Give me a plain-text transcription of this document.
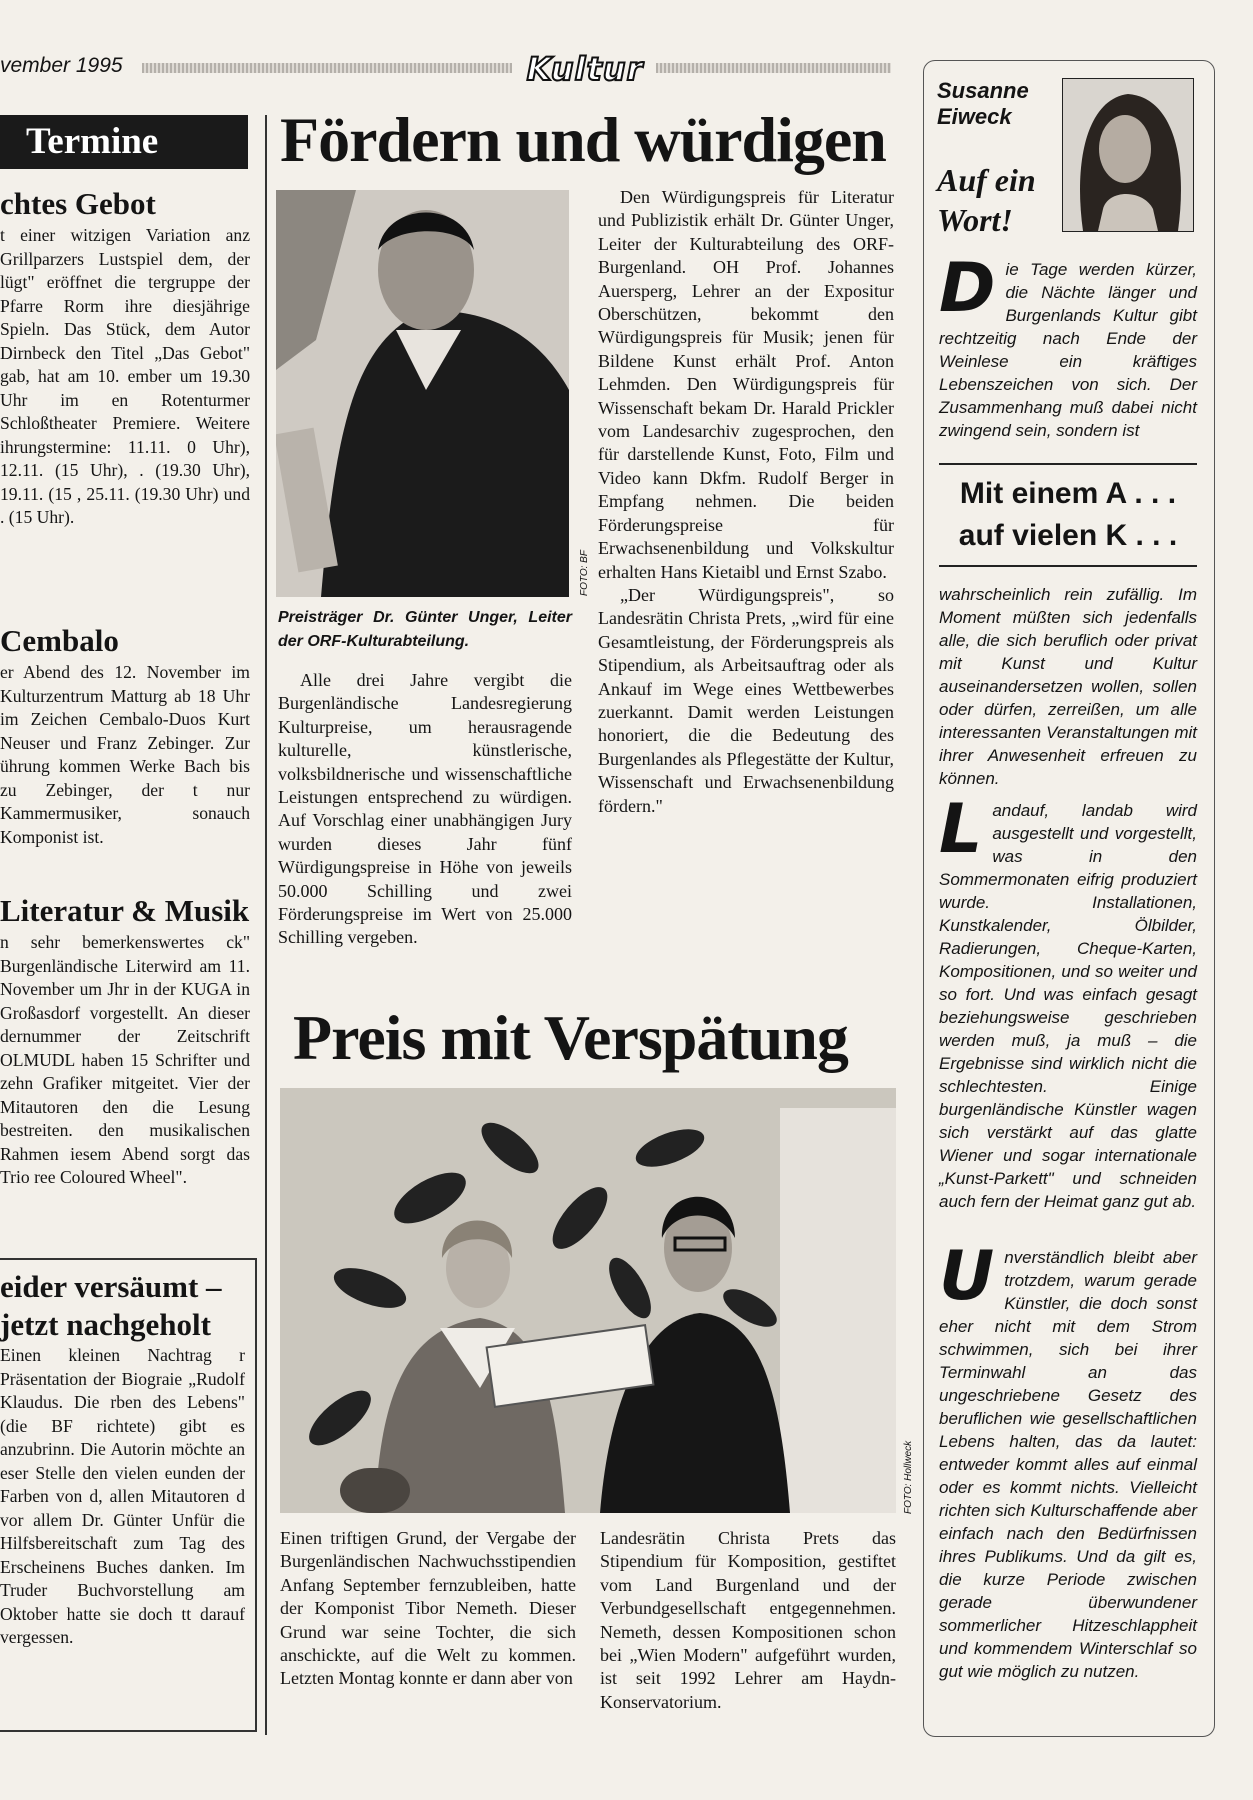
vember 1995	Kultur
Termine
chtes Gebot

t einer witzigen Variation anz Grillparzers Lustspiel dem, der lügt" eröffnet die tergruppe der Pfarre Rorm ihre diesjährige Spieln. Das Stück, dem Autor Dirnbeck den Titel „Das Gebot" gab, hat am 10. ember um 19.30 Uhr im en Rotenturmer Schloßtheater Premiere. Weitere ihrungstermine: 11.11. 0 Uhr), 12.11. (15 Uhr), . (19.30 Uhr), 19.11. (15 , 25.11. (19.30 Uhr) und . (15 Uhr).

Cembalo

er Abend des 12. November im Kulturzentrum Matturg ab 18 Uhr im Zeichen Cembalo-Duos Kurt Neuser und Franz Zebinger. Zur ührung kommen Werke Bach bis zu Zebinger, der t nur Kammermusiker, sonauch Komponist ist.

Literatur & Musik

n sehr bemerkenswertes ck" Burgenländische Literwird am 11. November um Jhr in der KUGA in Großasdorf vorgestellt. An dieser dernummer der Zeitschrift OLMUDL haben 15 Schrifter und zehn Grafiker mitgeitet. Vier der Mitautoren den die Lesung bestreiten. den musikalischen Rahmen iesem Abend sorgt das Trio ree Coloured Wheel".

eider versäumt – jetzt nachgeholt

Einen kleinen Nachtrag r Präsentation der Biograie „Rudolf Klaudus. Die rben des Lebens" (die BF richtete) gibt es anzubrinn. Die Autorin möchte an eser Stelle den vielen eunden der Farben von d, allen Mitautoren d vor allem Dr. Günter Unfür die Hilfsbereitschaft zum Tag des Erscheinens Buches danken. Im Truder Buchvorstellung am Oktober hatte sie doch tt darauf vergessen.

Fördern und würdigen
FOTO: BF
Preisträger Dr. Günter Unger, Leiter der ORF-Kulturabteilung.

Alle drei Jahre vergibt die Burgenländische Landesregierung Kulturpreise, um herausragende kulturelle, künstlerische, volksbildnerische und wissenschaftliche Leistungen entsprechend zu würdigen. Auf Vorschlag einer unabhängigen Jury wurden dieses Jahr fünf Würdigungspreise in Höhe von jeweils 50.000 Schilling und zwei Förderungspreise im Wert von 25.000 Schilling vergeben.

Den Würdigungspreis für Literatur und Publizistik erhält Dr. Günter Unger, Leiter der Kulturabteilung des ORF-Burgenland. OH Prof. Johannes Auersperg, Lehrer an der Expositur Oberschützen, bekommt den Würdigungspreis für Musik; jenen für Bildene Kunst erhält Prof. Anton Lehmden. Den Würdigungspreis für Wissenschaft bekam Dr. Harald Prickler vom Landesarchiv zugesprochen, den für darstellende Kunst, Foto, Film und Video kann Dkfm. Rudolf Berger in Empfang nehmen. Die beiden Förderungspreise für Erwachsenenbildung und Volkskultur erhalten Hans Kietaibl und Ernst Szabo.

„Der Würdigungspreis", so Landesrätin Christa Prets, „wird für eine Gesamtleistung, der Förderungspreis als Stipendium, als Arbeitsauftrag oder als Ankauf im Wege eines Wettbewerbes zuerkannt. Damit werden Leistungen honoriert, die die Bedeutung des Burgenlandes als Pflegestätte der Kultur, Wissenschaft und Erwachsenenbildung fördern."

Preis mit Verspätung
FOTO: Hollweck

Einen triftigen Grund, der Vergabe der Burgenländischen Nachwuchsstipendien Anfang September fernzubleiben, hatte der Komponist Tibor Nemeth. Dieser Grund war seine Tochter, die sich anschickte, auf die Welt zu kommen. Letzten Montag konnte er dann aber von

Landesrätin Christa Prets das Stipendium für Komposition, gestiftet vom Land Burgenland und der Verbundgesellschaft entgegennehmen. Nemeth, dessen Kompositionen schon bei „Wien Modern" aufgeführt wurden, ist seit 1992 Lehrer am Haydn-Konservatorium.

Susanne Eiweck
Auf ein Wort!
D ie Tage werden kürzer, die Nächte länger und Burgenlands Kultur gibt rechtzeitig nach Ende der Weinlese ein kräftiges Lebenszeichen von sich. Der Zusammenhang muß dabei nicht zwingend sein, sondern ist

Mit einem A . . . auf vielen K . . .

wahrscheinlich rein zufällig. Im Moment müßten sich jedenfalls alle, die sich beruflich oder privat mit Kunst und Kultur auseinandersetzen wollen, sollen oder dürfen, zerreißen, um alle interessanten Veranstaltungen mit ihrer Anwesenheit erfreuen zu können.

L andauf, landab wird ausgestellt und vorgestellt, was in den Sommermonaten eifrig produziert wurde. Installationen, Kunstkalender, Ölbilder, Radierungen, Cheque-Karten, Kompositionen, und so weiter und so fort. Und was einfach gesagt beziehungsweise geschrieben werden muß, ja muß – die Ergebnisse sind wirklich nicht die schlechtesten. Einige burgenländische Künstler wagen sich verstärkt auf das glatte Wiener und sogar internationale „Kunst-Parkett" und schneiden auch fern der Heimat ganz gut ab.

U nverständlich bleibt aber trotzdem, warum gerade Künstler, die doch sonst eher nicht mit dem Strom schwimmen, sich bei ihrer Terminwahl an das ungeschriebene Gesetz des beruflichen wie gesellschaftlichen Lebens halten, das da lautet: entweder kommt alles auf einmal oder es kommt nichts. Vielleicht richten sich Kulturschaffende aber einfach nach den Bedürfnissen ihres Publikums. Und da gilt es, die kurze Periode zwischen gerade überwundener sommerlicher Hitzeschlapphеit und kommendem Winterschlaf so gut wie möglich zu nutzen.
